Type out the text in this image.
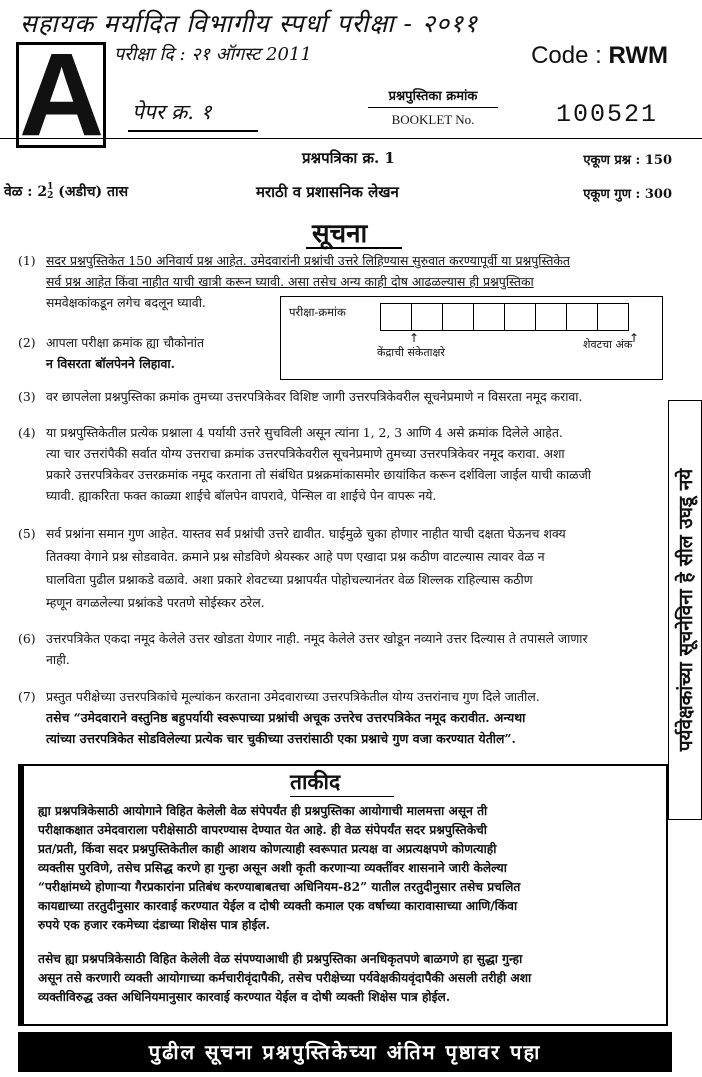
सहायक मर्यादित विभागीय स्पर्धा परीक्षा - २०११
A परीक्षा दि : २१ ऑगस्ट 2011	Code : RWM
पेपर क्र. १
प्रश्नपुस्तिका क्रमांक
BOOKLET No.	100521
प्रश्नपत्रिका क्र. 1	एकूण प्रश्न : 150
वेळ : 21
2 (अडीच) तास	मराठी व प्रशासनिक लेखन	एकूण गुण : 300
सूचना
(1) सदर प्रश्नपुस्तिकेत 150 अनिवार्य प्रश्न आहेत. उमेदवारांनी प्रश्नांची उत्तरे लिहिण्यास सुरुवात करण्यापूर्वी या प्रश्नपुस्तिकेत
सर्व प्रश्न आहेत किंवा नाहीत याची खात्री करून घ्यावी. असा तसेच अन्य काही दोष आढळल्यास ही प्रश्नपुस्तिका
समवेक्षकांकडून लगेच बदलून घ्यावी.
(2) आपला परीक्षा क्रमांक ह्या चौकोनांत
न विसरता बॉलपेनने लिहावा.
परीक्षा-क्रमांक
↑	↑
केंद्राची संकेताक्षरे
शेवटचा अंक
(3) वर छापलेला प्रश्नपुस्तिका क्रमांक तुमच्या उत्तरपत्रिकेवर विशिष्ट जागी उत्तरपत्रिकेवरील सूचनेप्रमाणे न विसरता नमूद करावा.
(4) या प्रश्नपुस्तिकेतील प्रत्येक प्रश्नाला 4 पर्यायी उत्तरे सुचविली असून त्यांना 1, 2, 3 आणि 4 असे क्रमांक दिलेले आहेत.
त्या चार उत्तरांपैकी सर्वात योग्य उत्तराचा क्रमांक उत्तरपत्रिकेवरील सूचनेप्रमाणे तुमच्या उत्तरपत्रिकेवर नमूद करावा. अशा
प्रकारे उत्तरपत्रिकेवर उत्तरक्रमांक नमूद करताना तो संबंधित प्रश्नक्रमांकासमोर छायांकित करून दर्शविला जाईल याची काळजी
घ्यावी. ह्याकरिता फक्त काळ्या शाईचे बॉलपेन वापरावे, पेन्सिल वा शाईचे पेन वापरू नये.
(5) सर्व प्रश्नांना समान गुण आहेत. यास्तव सर्व प्रश्नांची उत्तरे द्यावीत. घाईमुळे चुका होणार नाहीत याची दक्षता घेऊनच शक्य
तितक्या वेगाने प्रश्न सोडवावेत. क्रमाने प्रश्न सोडविणे श्रेयस्कर आहे पण एखादा प्रश्न कठीण वाटल्यास त्यावर वेळ न
घालविता पुढील प्रश्नाकडे वळावे. अशा प्रकारे शेवटच्या प्रश्नापर्यंत पोहोचल्यानंतर वेळ शिल्लक राहिल्यास कठीण
म्हणून वगळलेल्या प्रश्नांकडे परतणे सोईस्कर ठरेल.
(6) उत्तरपत्रिकेत एकदा नमूद केलेले उत्तर खोडता येणार नाही. नमूद केलेले उत्तर खोडून नव्याने उत्तर दिल्यास ते तपासले जाणार
नाही.
(7) प्रस्तुत परीक्षेच्या उत्तरपत्रिकांचे मूल्यांकन करताना उमेदवाराच्या उत्तरपत्रिकेतील योग्य उत्तरांनाच गुण दिले जातील.
तसेच “उमेदवाराने वस्तुनिष्ठ बहुपर्यायी स्वरूपाच्या प्रश्नांची अचूक उत्तरेच उत्तरपत्रिकेत नमूद करावीत. अन्यथा
त्यांच्या उत्तरपत्रिकेत सोडविलेल्या प्रत्येक चार चुकीच्या उत्तरांसाठी एका प्रश्नाचे गुण वजा करण्यात येतील”.	पर्यवेक्षकांच्या सूचनेविना हे सील उघडू नये
ताकीद
ह्या प्रश्नपत्रिकेसाठी आयोगाने विहित केलेली वेळ संपेपर्यंत ही प्रश्नपुस्तिका आयोगाची मालमत्ता असून ती
परीक्षाकक्षात उमेदवाराला परीक्षेसाठी वापरण्यास देण्यात येत आहे. ही वेळ संपेपर्यंत सदर प्रश्नपुस्तिकेची
प्रत/प्रती, किंवा सदर प्रश्नपुस्तिकेतील काही आशय कोणत्याही स्वरूपात प्रत्यक्ष वा अप्रत्यक्षपणे कोणत्याही
व्यक्तीस पुरविणे, तसेच प्रसिद्ध करणे हा गुन्हा असून अशी कृती करणाऱ्या व्यक्तींवर शासनाने जारी केलेल्या
“परीक्षांमध्ये होणाऱ्या गैरप्रकारांना प्रतिबंध करण्याबाबतचा अधिनियम-82” यातील तरतुदीनुसार तसेच प्रचलित
कायद्याच्या तरतुदीनुसार कारवाई करण्यात येईल व दोषी व्यक्ती कमाल एक वर्षाच्या कारावासाच्या आणि/किंवा
रुपये एक हजार रकमेच्या दंडाच्या शिक्षेस पात्र होईल.
तसेच ह्या प्रश्नपत्रिकेसाठी विहित केलेली वेळ संपण्याआधी ही प्रश्नपुस्तिका अनधिकृतपणे बाळगणे हा सुद्धा गुन्हा
असून तसे करणारी व्यक्ती आयोगाच्या कर्मचारीवृंदापैकी, तसेच परीक्षेच्या पर्यवेक्षकीयवृंदापैकी असली तरीही अशा
व्यक्तीविरुद्ध उक्त अधिनियमानुसार कारवाई करण्यात येईल व दोषी व्यक्ती शिक्षेस पात्र होईल.
पुढील सूचना प्रश्नपुस्तिकेच्या अंतिम पृष्ठावर पहा
